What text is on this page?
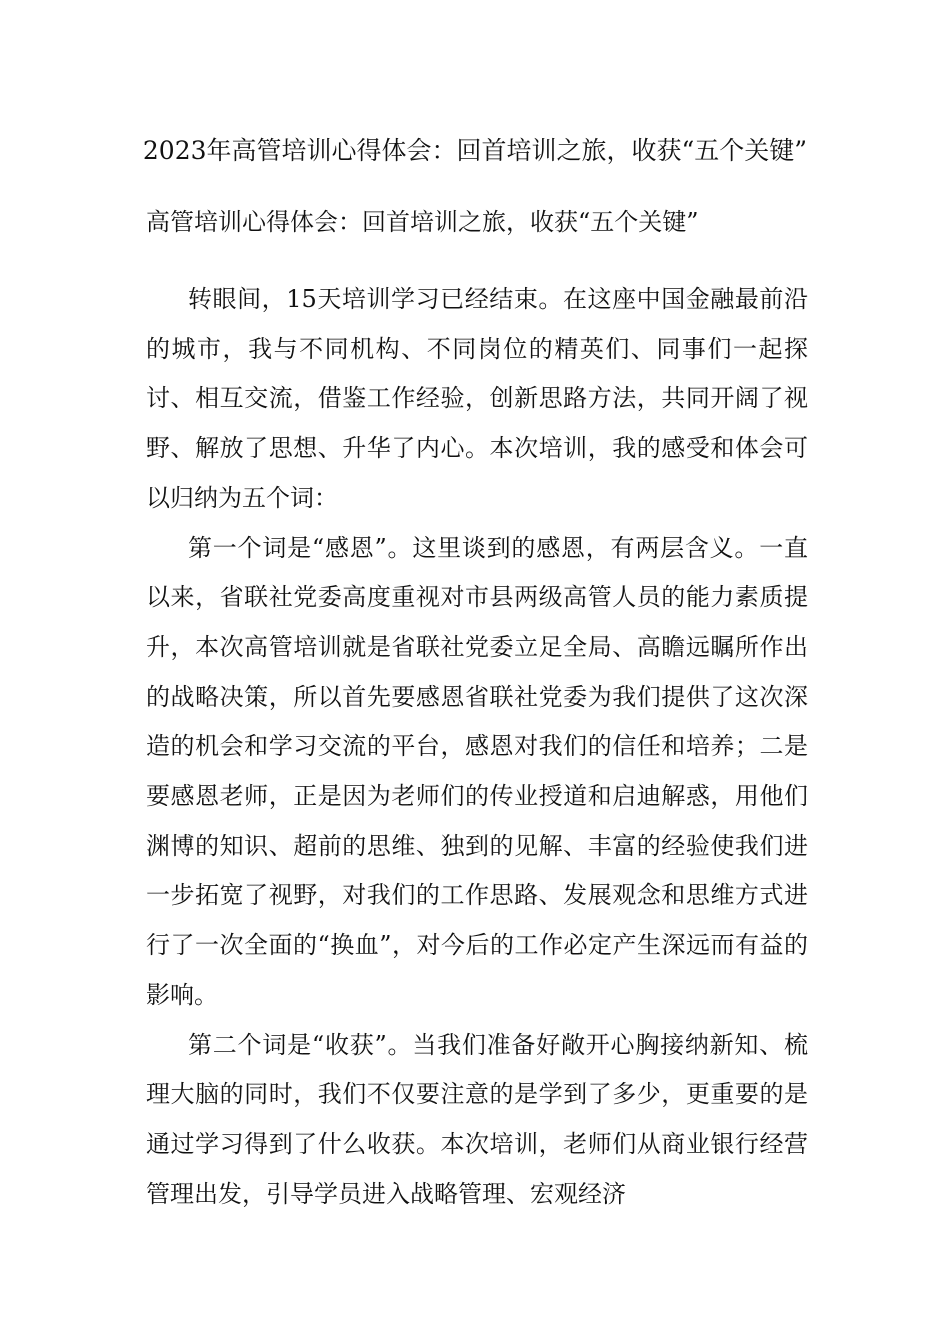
2023年高管培训心得体会：回首培训之旅，收获“五个关键”
高管培训心得体会：回首培训之旅，收获“五个关键”

转眼间，15天培训学习已经结束。在这座中国金融最前沿的城市，我与不同机构、不同岗位的精英们、同事们一起探讨、相互交流，借鉴工作经验，创新思路方法，共同开阔了视野、解放了思想、升华了内心。本次培训，我的感受和体会可以归纳为五个词：

第一个词是“感恩”。这里谈到的感恩，有两层含义。一直以来，省联社党委高度重视对市县两级高管人员的能力素质提升，本次高管培训就是省联社党委立足全局、高瞻远瞩所作出的战略决策，所以首先要感恩省联社党委为我们提供了这次深造的机会和学习交流的平台，感恩对我们的信任和培养；二是要感恩老师，正是因为老师们的传业授道和启迪解惑，用他们渊博的知识、超前的思维、独到的见解、丰富的经验使我们进一步拓宽了视野，对我们的工作思路、发展观念和思维方式进行了一次全面的“换血”，对今后的工作必定产生深远而有益的影响。

第二个词是“收获”。当我们准备好敞开心胸接纳新知、梳理大脑的同时，我们不仅要注意的是学到了多少，更重要的是通过学习得到了什么收获。本次培训，老师们从商业银行经营管理出发，引导学员进入战略管理、宏观经济
